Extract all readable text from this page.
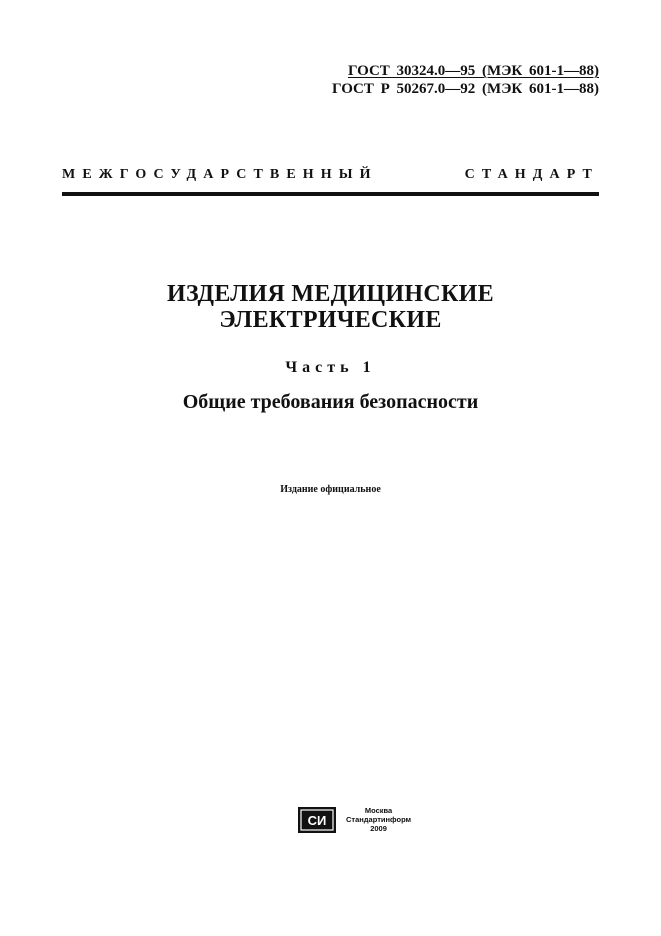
ГОСТ 30324.0—95 (МЭК 601-1—88)
ГОСТ Р 50267.0—92 (МЭК 601-1—88)
МЕЖГОСУДАРСТВЕННЫЙ	СТАНДАРТ
ИЗДЕЛИЯ МЕДИЦИНСКИЕ
ЭЛЕКТРИЧЕСКИЕ
Часть 1
Общие требования безопасности
Издание официальное
СИ
Москва
Стандартинформ
2009
